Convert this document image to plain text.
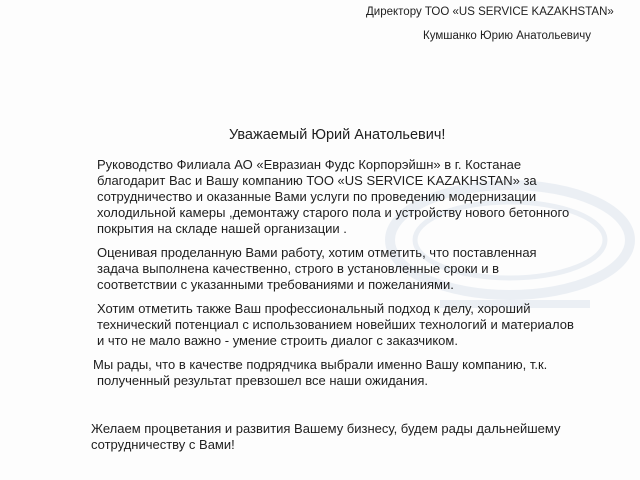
Директору ТОО «US SERVICE KAZAKHSTAN»
Кумшанко Юрию Анатольевичу
Уважаемый Юрий Анатольевич!
Руководство Филиала АО «Евразиан Фудс Корпорэйшн» в г. Костанае
благодарит Вас и Вашу компанию ТОО «US SERVICE KAZAKHSTAN» за
сотрудничество и оказанные Вами услуги по проведению модернизации
холодильной камеры ,демонтажу старого пола и устройству нового бетонного
покрытия на складе нашей организации .
Оценивая проделанную Вами работу, хотим отметить, что поставленная
задача выполнена качественно, строго в установленные сроки и в
соответствии с указанными требованиями и пожеланиями.
Хотим отметить также Ваш профессиональный подход к делу, хороший
технический потенциал с использованием новейших технологий и материалов
и что не мало важно - умение строить диалог с заказчиком.
Мы рады, что в качестве подрядчика выбрали именно Вашу компанию, т.к.
полученный результат превзошел все наши ожидания.
Желаем процветания и развития Вашему бизнесу, будем рады дальнейшему
сотрудничеству с Вами!
